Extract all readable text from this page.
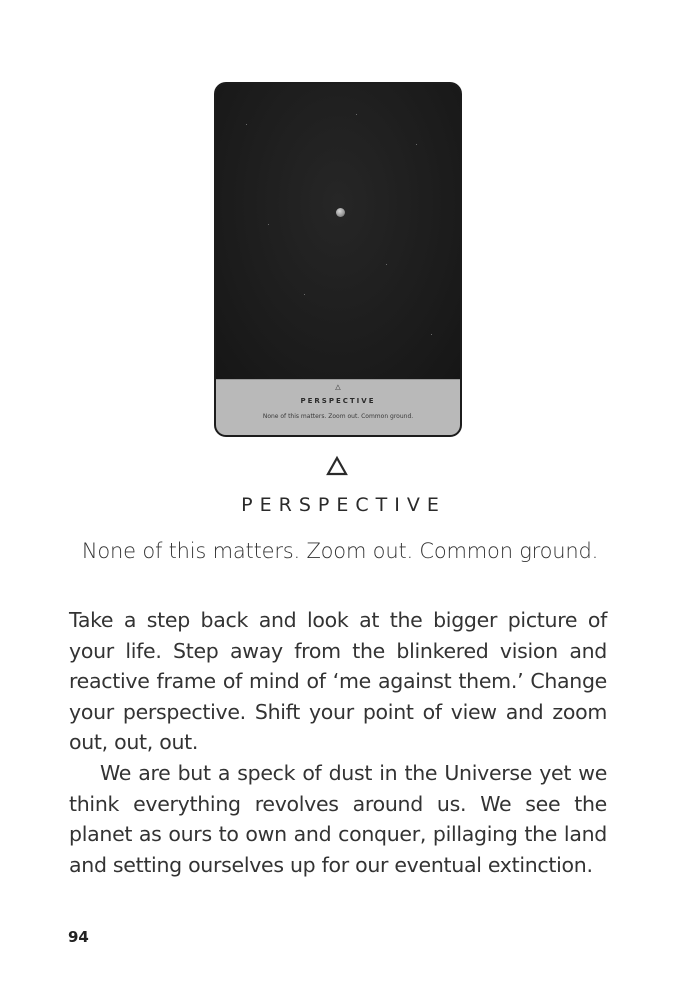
△
PERSPECTIVE
None of this matters. Zoom out. Common ground.
PERSPECTIVE
None of this matters. Zoom out. Common ground.

Take a step back and look at the bigger picture of your life. Step away from the blinkered vision and reactive frame of mind of ‘me against them.’ Change your perspective. Shift your point of view and zoom out, out, out.

We are but a speck of dust in the Universe yet we think everything revolves around us. We see the planet as ours to own and conquer, pillaging the land and setting ourselves up for our eventual extinction.

94
